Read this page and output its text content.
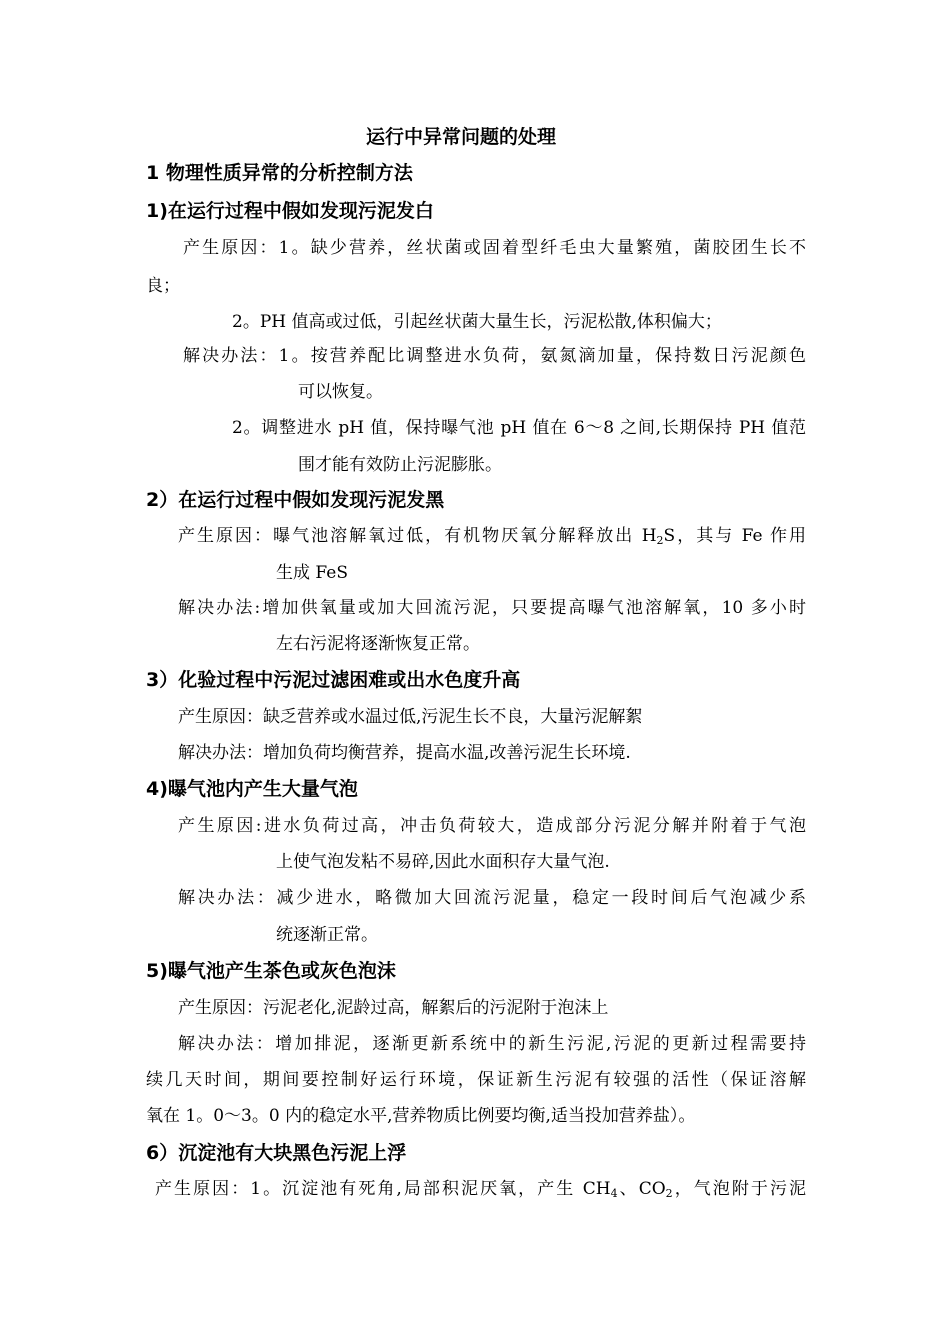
运行中异常问题的处理
1 物理性质异常的分析控制方法
1)在运行过程中假如发现污泥发白
产生原因：1。缺少营养，丝状菌或固着型纤毛虫大量繁殖，菌胶团生长不
良；
2。PH 值高或过低，引起丝状菌大量生长，污泥松散,体积偏大；
解决办法：1。按营养配比调整进水负荷，氨氮滴加量，保持数日污泥颜色
可以恢复。
2。调整进水 pH 值，保持曝气池 pH 值在 6～8 之间,长期保持 PH 值范
围才能有效防止污泥膨胀。
2）在运行过程中假如发现污泥发黑
产生原因：曝气池溶解氧过低，有机物厌氧分解释放出 $H_2S$，其与 Fe 作用
生成 FeS
解决办法:增加供氧量或加大回流污泥，只要提高曝气池溶解氧，10 多小时
左右污泥将逐渐恢复正常。
3）化验过程中污泥过滤困难或出水色度升高
产生原因：缺乏营养或水温过低,污泥生长不良，大量污泥解絮
解决办法：增加负荷均衡营养，提高水温,改善污泥生长环境.
4)曝气池内产生大量气泡
产生原因:进水负荷过高，冲击负荷较大，造成部分污泥分解并附着于气泡
上使气泡发粘不易碎,因此水面积存大量气泡.
解决办法：减少进水，略微加大回流污泥量，稳定一段时间后气泡减少系
统逐渐正常。
5)曝气池产生茶色或灰色泡沫
产生原因：污泥老化,泥龄过高，解絮后的污泥附于泡沫上
解决办法：增加排泥，逐渐更新系统中的新生污泥,污泥的更新过程需要持
续几天时间，期间要控制好运行环境，保证新生污泥有较强的活性（保证溶解
氧在 1。0～3。0 内的稳定水平,营养物质比例要均衡,适当投加营养盐）。
6）沉淀池有大块黑色污泥上浮
产生原因：1。沉淀池有死角,局部积泥厌氧，产生 $CH_4$、$CO_2$，气泡附于污泥
